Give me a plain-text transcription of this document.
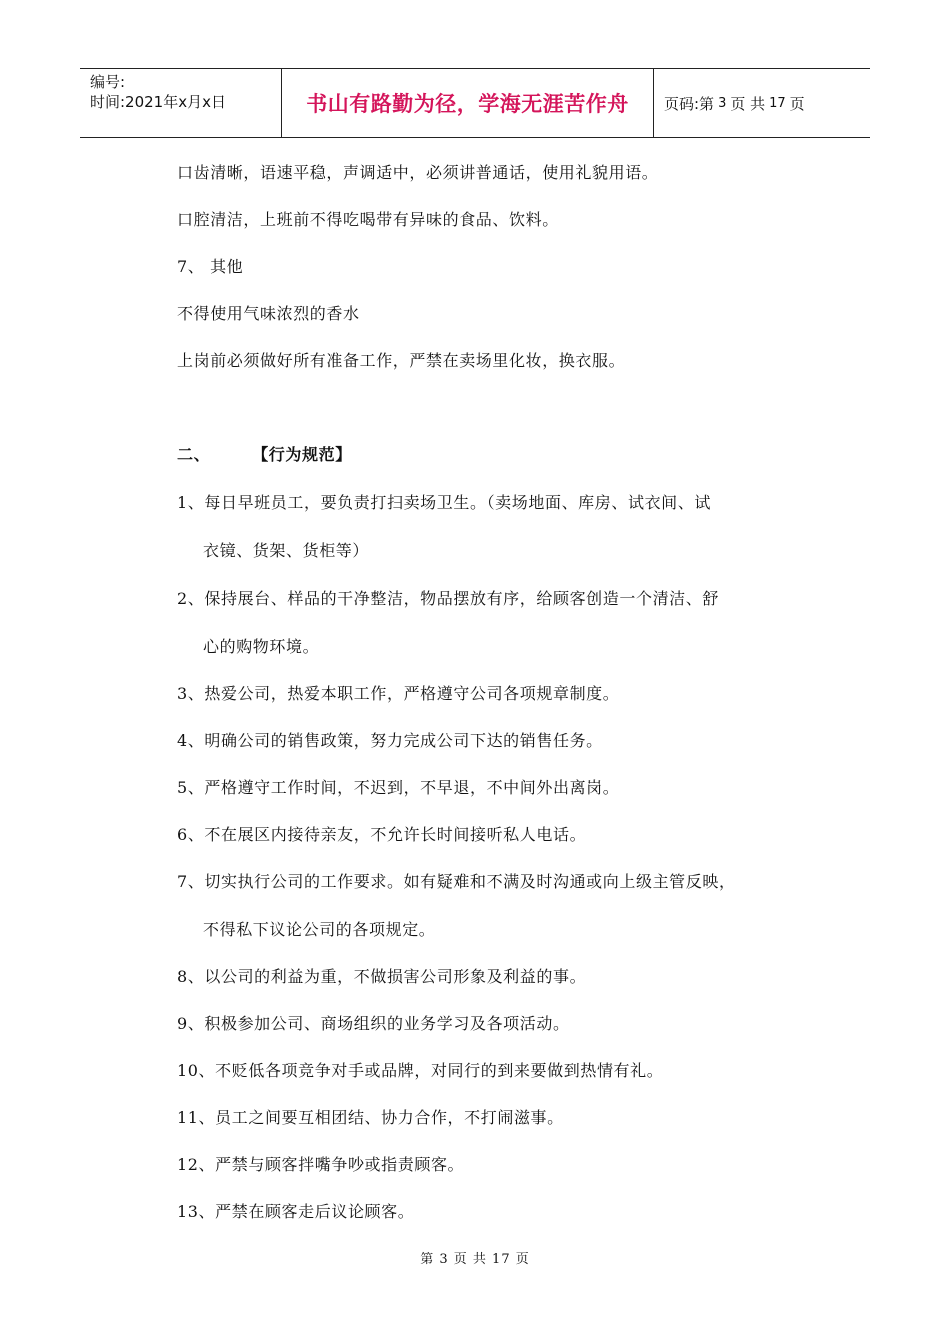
编号:
时间:2021年x月x日	书山有路勤为径，学海无涯苦作舟	页码:第 3 页 共 17 页
口齿清晰，语速平稳，声调适中，必须讲普通话，使用礼貌用语。
口腔清洁，上班前不得吃喝带有异味的食品、饮料。
7、 其他
不得使用气味浓烈的香水
上岗前必须做好所有准备工作，严禁在卖场里化妆，换衣服。
二、	【行为规范】
1、每日早班员工，要负责打扫卖场卫生。（卖场地面、库房、试衣间、试
衣镜、货架、货柜等）
2、保持展台、样品的干净整洁，物品摆放有序，给顾客创造一个清洁、舒
心的购物环境。
3、热爱公司，热爱本职工作，严格遵守公司各项规章制度。
4、明确公司的销售政策，努力完成公司下达的销售任务。
5、严格遵守工作时间，不迟到，不早退，不中间外出离岗。
6、不在展区内接待亲友，不允许长时间接听私人电话。
7、切实执行公司的工作要求。如有疑难和不满及时沟通或向上级主管反映，
不得私下议论公司的各项规定。
8、以公司的利益为重，不做损害公司形象及利益的事。
9、积极参加公司、商场组织的业务学习及各项活动。
10、不贬低各项竞争对手或品牌，对同行的到来要做到热情有礼。
11、员工之间要互相团结、协力合作，不打闹滋事。
12、严禁与顾客拌嘴争吵或指责顾客。
13、严禁在顾客走后议论顾客。
第 3 页 共 17 页
